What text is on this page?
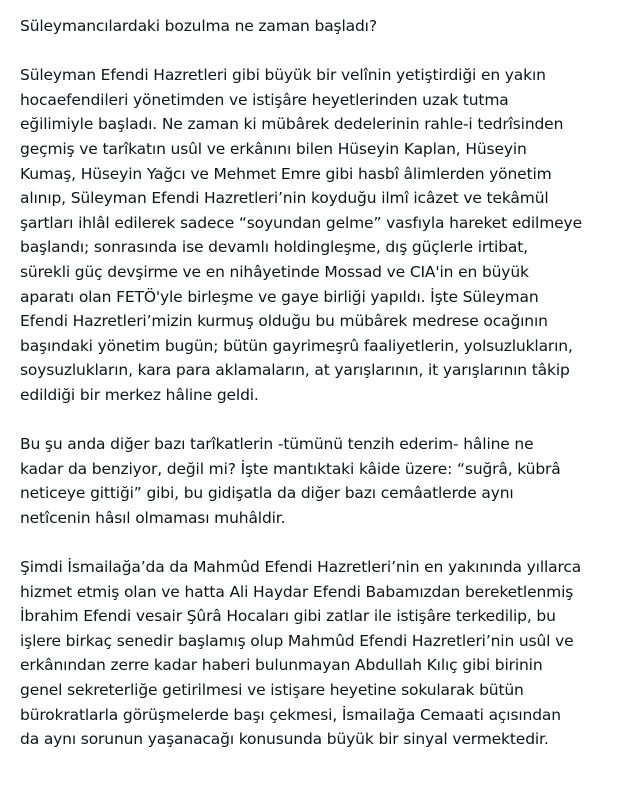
Süleymancılardaki bozulma ne zaman başladı?

Süleyman Efendi Hazretleri gibi büyük bir velînin yetiştirdiği en yakın
hocaefendileri yönetimden ve istişâre heyetlerinden uzak tutma
eğilimiyle başladı. Ne zaman ki mübârek dedelerinin rahle-i tedrîsinden
geçmiş ve tarîkatın usûl ve erkânını bilen Hüseyin Kaplan, Hüseyin
Kumaş, Hüseyin Yağcı ve Mehmet Emre gibi hasbî âlimlerden yönetim
alınıp, Süleyman Efendi Hazretleri’nin koyduğu ilmî icâzet ve tekâmül
şartları ihlâl edilerek sadece “soyundan gelme” vasfıyla hareket edilmeye
başlandı; sonrasında ise devamlı holdingleşme, dış güçlerle irtibat,
sürekli güç devşirme ve en nihâyetinde Mossad ve CIA'in en büyük
aparatı olan FETÖ'yle birleşme ve gaye birliği yapıldı. İşte Süleyman
Efendi Hazretleri’mizin kurmuş olduğu bu mübârek medrese ocağının
başındaki yönetim bugün; bütün gayrimeşrû faaliyetlerin, yolsuzlukların,
soysuzlukların, kara para aklamaların, at yarışlarının, it yarışlarının tâkip
edildiği bir merkez hâline geldi.

Bu şu anda diğer bazı tarîkatlerin -tümünü tenzih ederim- hâline ne
kadar da benziyor, değil mi? İşte mantıktaki kâide üzere: “suğrâ, kübrâ
neticeye gittiği” gibi, bu gidişatla da diğer bazı cemâatlerde aynı
netîcenin hâsıl olmaması muhâldir.

Şimdi İsmailağa’da da Mahmûd Efendi Hazretleri’nin en yakınında yıllarca
hizmet etmiş olan ve hatta Ali Haydar Efendi Babamızdan bereketlenmiş
İbrahim Efendi vesair Şûrâ Hocaları gibi zatlar ile istişâre terkedilip, bu
işlere birkaç senedir başlamış olup Mahmûd Efendi Hazretleri’nin usûl ve
erkânından zerre kadar haberi bulunmayan Abdullah Kılıç gibi birinin
genel sekreterliğe getirilmesi ve istişare heyetine sokularak bütün
bürokratlarla görüşmelerde başı çekmesi, İsmailağa Cemaati açısından
da aynı sorunun yaşanacağı konusunda büyük bir sinyal vermektedir.
